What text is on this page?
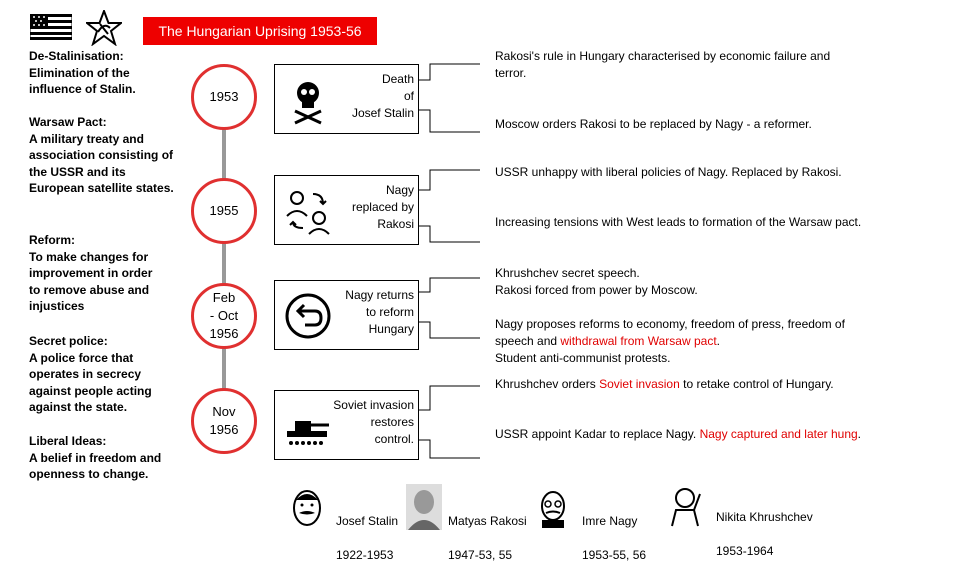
The Hungarian Uprising 1953-56
De-Stalinisation:
Elimination of the influence of Stalin.
Warsaw Pact:
A military treaty and association consisting of the USSR and its European satellite states.
Reform:
To make changes for improvement in order to remove abuse and injustices
Secret police:
A police force that operates in secrecy against people acting against the state.
Liberal Ideas:
A belief in freedom and openness to change.
1953
1955
Feb
- Oct
1956
Nov
1956
Death
of
Josef Stalin
Nagy
replaced by
Rakosi
Nagy returns
to reform
Hungary
Soviet invasion
restores
control.
Rakosi's rule in Hungary characterised by economic failure and terror.
Moscow orders Rakosi to be replaced by Nagy - a reformer.
USSR unhappy with liberal policies of Nagy. Replaced by Rakosi.
Increasing tensions with West leads to formation of the Warsaw pact.
Khrushchev secret speech.
Rakosi forced from power by Moscow.
Nagy proposes reforms to economy, freedom of press, freedom of speech and withdrawal from Warsaw pact.
Student anti-communist protests.
Khrushchev orders Soviet invasion to retake control of Hungary.
USSR appoint Kadar to replace Nagy. Nagy captured and later hung.

Josef Stalin

1922-1953

Matyas Rakosi

1947-53, 55

Imre Nagy

1953-55, 56

Nikita Khrushchev

1953-1964
